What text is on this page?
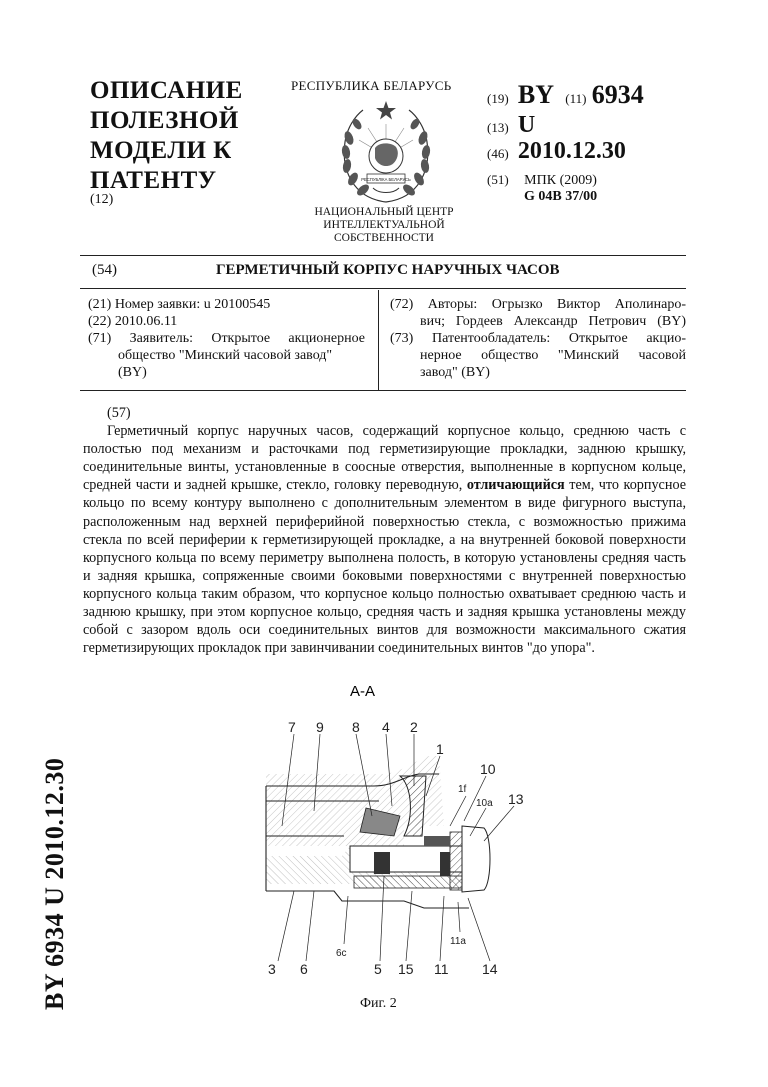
ОПИСАНИЕ
ПОЛЕЗНОЙ
МОДЕЛИ К
ПАТЕНТУ
(12)
РЕСПУБЛИКА БЕЛАРУСЬ
РЕСПУБЛIКА БЕЛАРУСЬ
НАЦИОНАЛЬНЫЙ ЦЕНТР
ИНТЕЛЛЕКТУАЛЬНОЙ
СОБСТВЕННОСТИ
(19) BY (11) 6934
(13) U
(46) 2010.12.30
(51) МПК (2009)
G 04B 37/00
(54)	ГЕРМЕТИЧНЫЙ КОРПУС НАРУЧНЫХ ЧАСОВ
(21) Номер заявки: u 20100545
(22) 2010.06.11
(71) Заявитель: Открытое акционерное
общество "Минский часовой завод"
(BY)
(72) Авторы: Огрызко Виктор Аполинаро-
вич; Гордеев Александр Петрович (BY)
(73) Патентообладатель: Открытое акцио-
нерное общество "Минский часовой
завод" (BY)
(57)

Герметичный корпус наручных часов, содержащий корпусное кольцо, среднюю часть с полостью под механизм и расточками под герметизирующие прокладки, заднюю крышку, соединительные винты, установленные в соосные отверстия, выполненные в корпусном кольце, средней части и задней крышке, стекло, головку переводную, отличающийся тем, что корпусное кольцо по всему контуру выполнено с дополнительным элементом в виде фигурного выступа, расположенным над верхней периферийной поверхностью стекла, с возможностью прижима стекла по всей периферии к герметизирующей прокладке, а на внутренней боковой поверхности корпусного кольца по всему периметру выполнена полость, в которую установлены средняя часть и задняя крышка, сопряженные своими боковыми поверхностями с внутренней поверхностью корпусного кольца таким образом, что корпусное кольцо полностью охватывает среднюю часть и заднюю крышку, при этом корпусное кольцо, средняя часть и задняя крышка установлены между собой с зазором вдоль оси соединительных винтов для возможности максимального сжатия герметизирующих прокладок при завинчивании соединительных винтов "до упора".

BY 6934 U 2010.12.30
А-А
7 9 8 4 2
1
1f
10
10a 13
3 6
6c
5 15 11
11a
14
Фиг. 2
